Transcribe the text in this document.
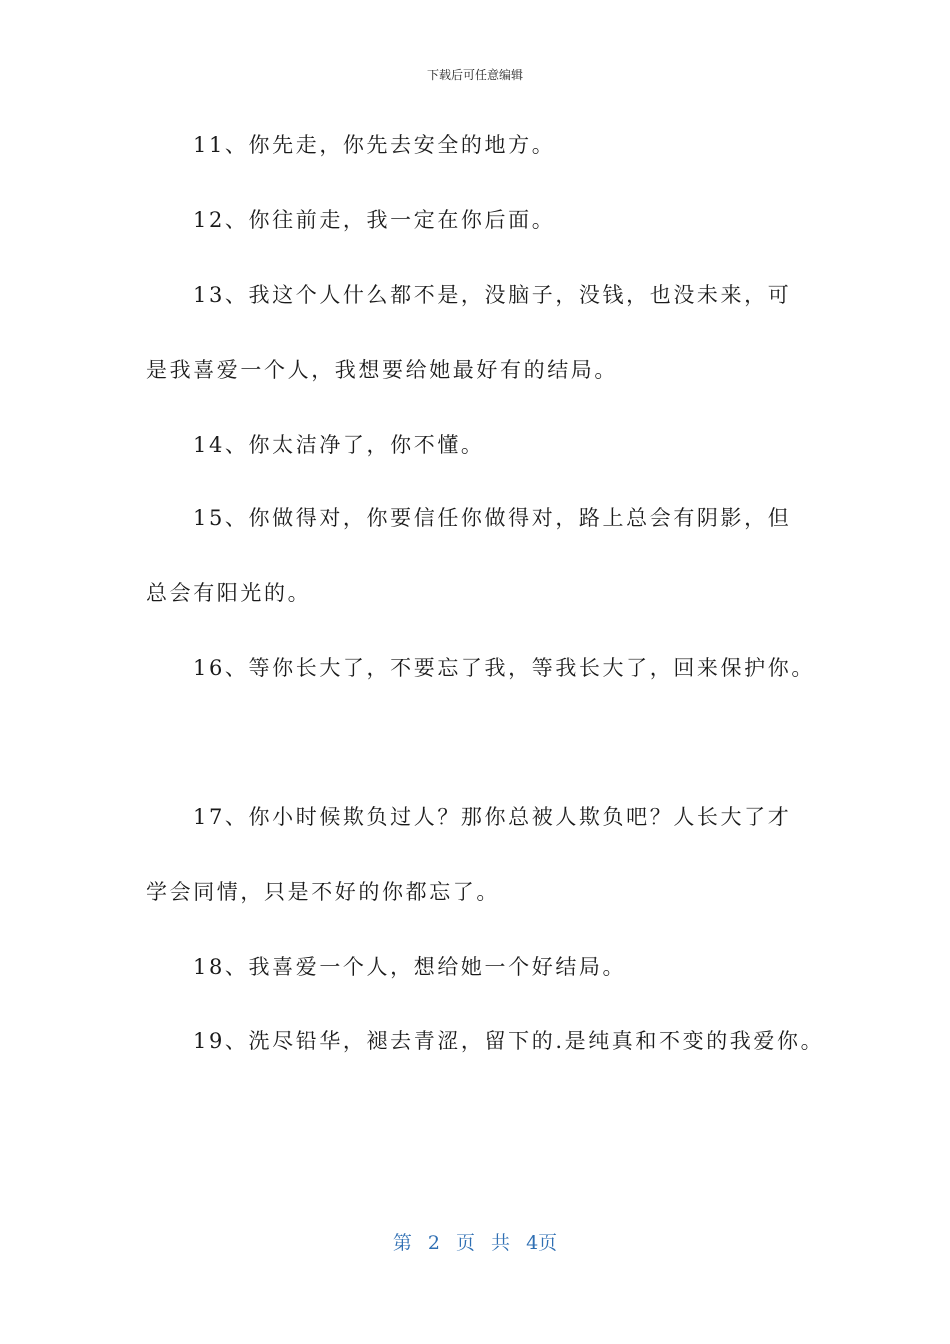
下载后可任意编辑
11、你先走，你先去安全的地方。
12、你往前走，我一定在你后面。
13、我这个人什么都不是，没脑子，没钱，也没未来，可
是我喜爱一个人，我想要给她最好有的结局。
14、你太洁净了，你不懂。
15、你做得对，你要信任你做得对，路上总会有阴影，但
总会有阳光的。
16、等你长大了，不要忘了我，等我长大了，回来保护你。
17、你小时候欺负过人？那你总被人欺负吧？人长大了才
学会同情，只是不好的你都忘了。
18、我喜爱一个人，想给她一个好结局。
19、洗尽铅华，褪去青涩，留下的.是纯真和不变的我爱你。
第 2 页 共 4页
